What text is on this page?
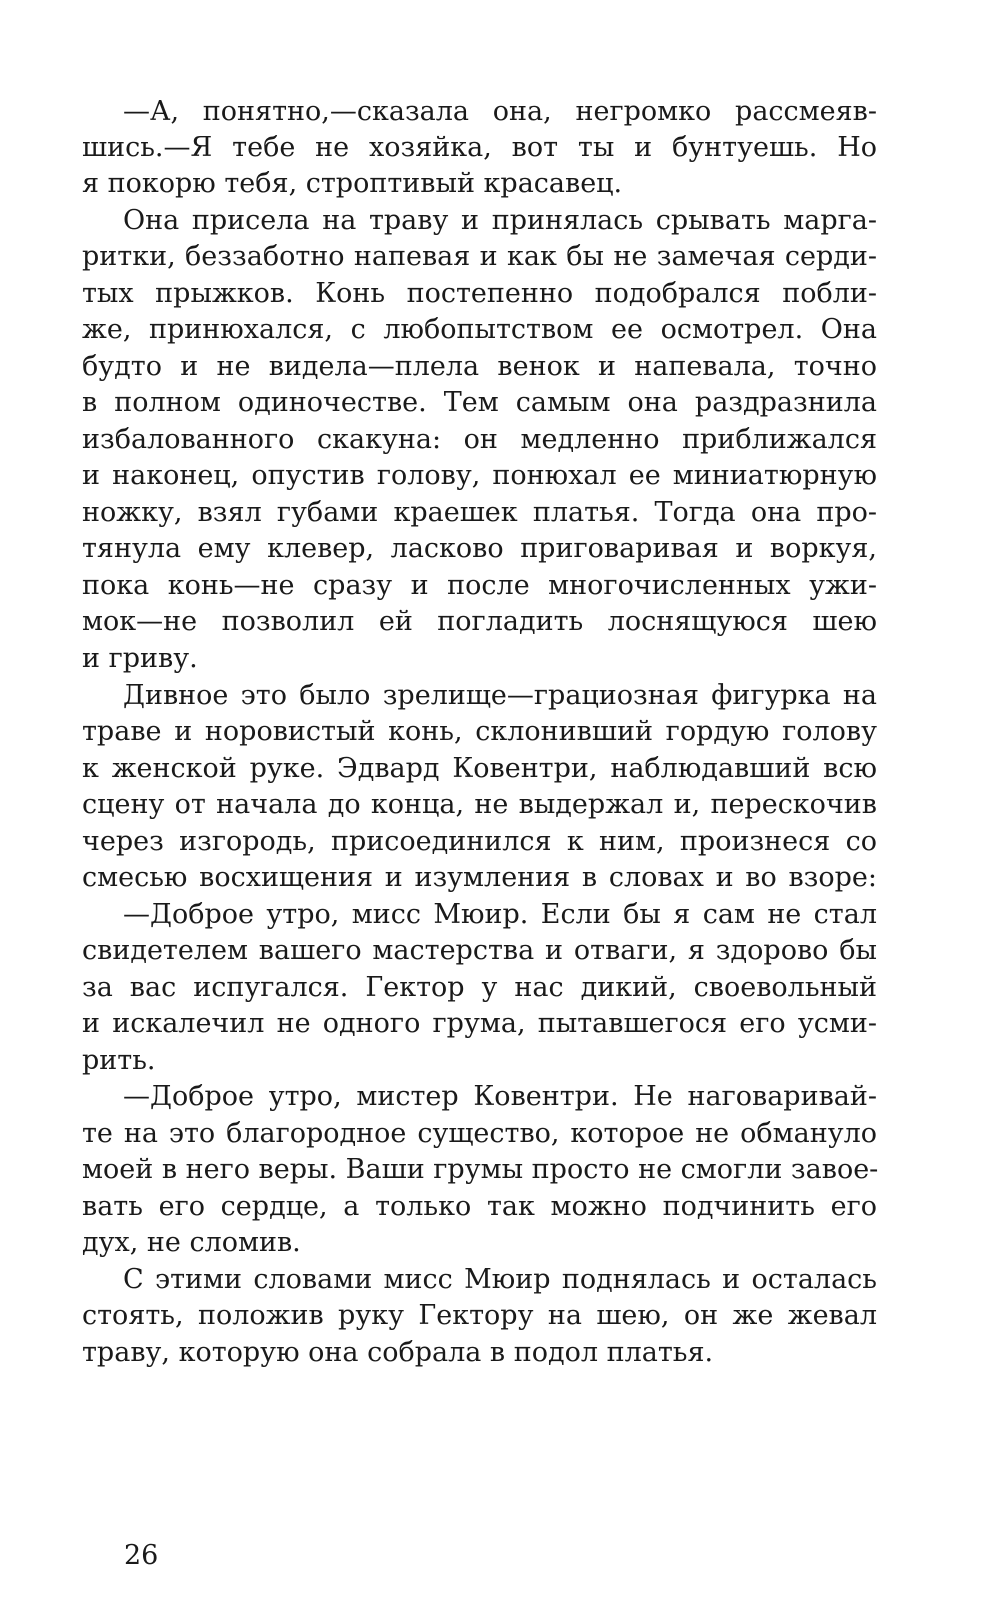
—А, понятно,—сказала она, негромко рассмеяв-
шись.—Я тебе не хозяйка, вот ты и бунтуешь. Но
я покорю тебя, строптивый красавец.
Она присела на траву и принялась срывать марга-
ритки, беззаботно напевая и как бы не замечая серди-
тых прыжков. Конь постепенно подобрался побли-
же, принюхался, с любопытством ее осмотрел. Она
будто и не видела—плела венок и напевала, точно
в полном одиночестве. Тем самым она раздразнила
избалованного скакуна: он медленно приближался
и наконец, опустив голову, понюхал ее миниатюрную
ножку, взял губами краешек платья. Тогда она про-
тянула ему клевер, ласково приговаривая и воркуя,
пока конь—не сразу и после многочисленных ужи-
мок—не позволил ей погладить лоснящуюся шею
и гриву.
Дивное это было зрелище—грациозная фигурка на
траве и норовистый конь, склонивший гордую голову
к женской руке. Эдвард Ковентри, наблюдавший всю
сцену от начала до конца, не выдержал и, перескочив
через изгородь, присоединился к ним, произнеся со
смесью восхищения и изумления в словах и во взоре:
—Доброе утро, мисс Мюир. Если бы я сам не стал
свидетелем вашего мастерства и отваги, я здорово бы
за вас испугался. Гектор у нас дикий, своевольный
и искалечил не одного грума, пытавшегося его усми-
рить.
—Доброе утро, мистер Ковентри. Не наговаривай-
те на это благородное существо, которое не обмануло
моей в него веры. Ваши грумы просто не смогли завое-
вать его сердце, а только так можно подчинить его
дух, не сломив.
С этими словами мисс Мюир поднялась и осталась
стоять, положив руку Гектору на шею, он же жевал
траву, которую она собрала в подол платья.
26
